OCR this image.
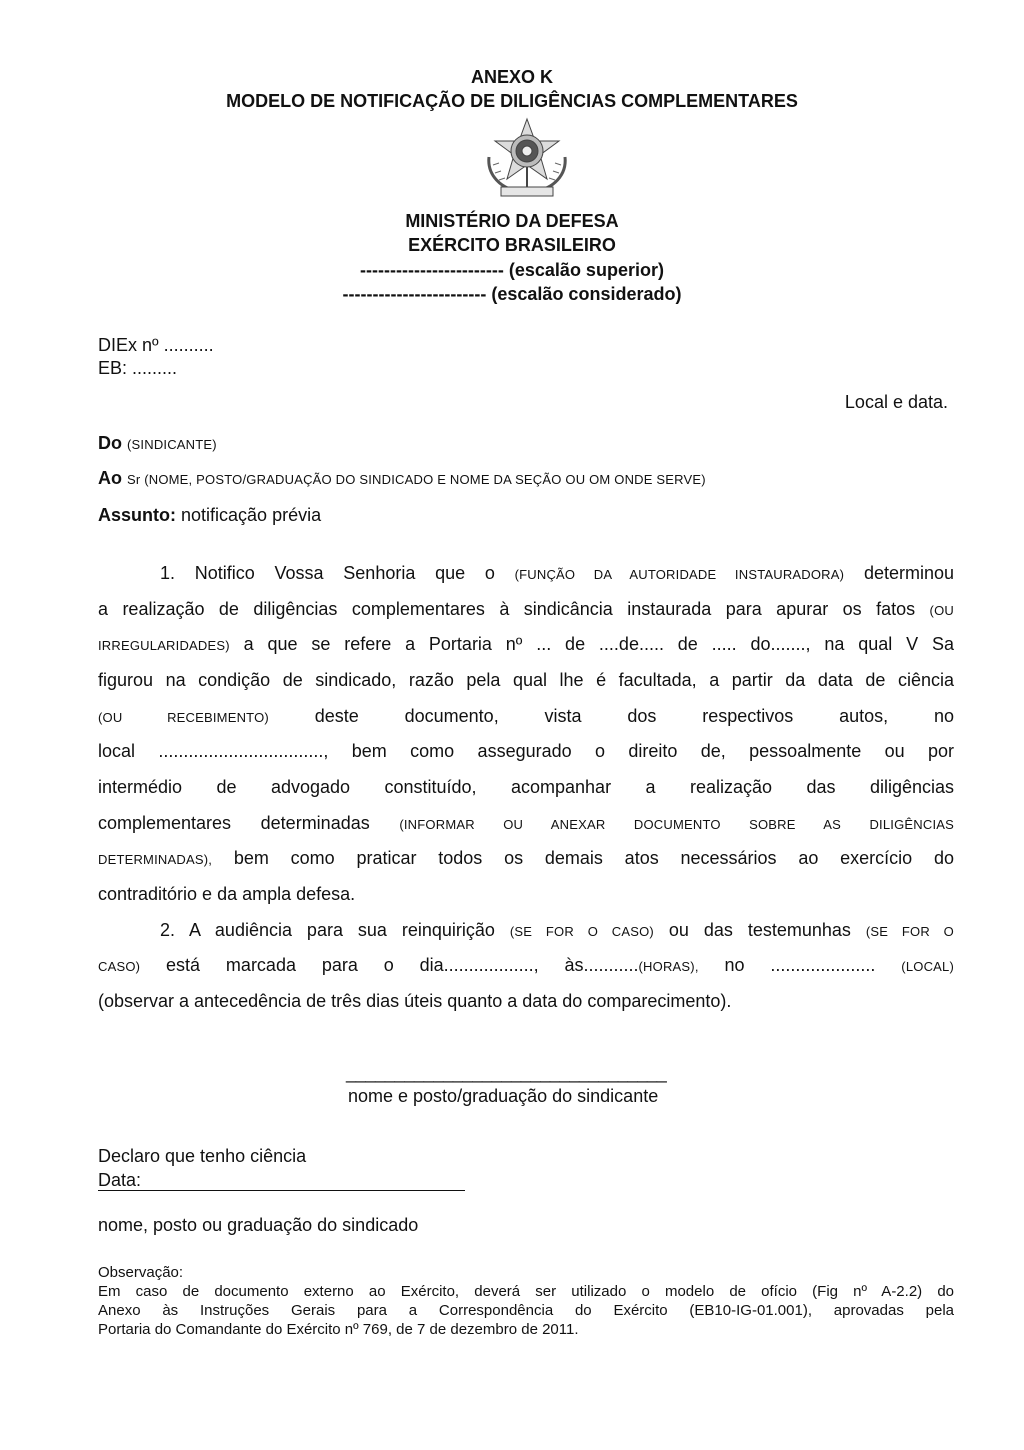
ANEXO K
MODELO DE NOTIFICAÇÃO DE DILIGÊNCIAS COMPLEMENTARES
MINISTÉRIO DA DEFESA
EXÉRCITO BRASILEIRO
------------------------ (escalão superior)
------------------------ (escalão considerado)
DIEx nº ..........
EB: .........
Local e data.
Do (SINDICANTE)
Ao Sr (NOME, POSTO/GRADUAÇÃO DO SINDICADO E NOME DA SEÇÃO OU OM ONDE SERVE)
Assunto: notificação prévia
1. Notifico Vossa Senhoria que o (FUNÇÃO DA AUTORIDADE INSTAURADORA) determinou
a realização de diligências complementares à sindicância instaurada para apurar os fatos (OU
IRREGULARIDADES) a que se refere a Portaria nº ... de ....de..... de ..... do......., na qual V Sa
figurou na condição de sindicado, razão pela qual lhe é facultada, a partir da data de ciência
(OU RECEBIMENTO)	deste documento, vista dos respectivos autos, no
local ................................., bem como assegurado o direito de, pessoalmente ou por
intermédio de advogado constituído, acompanhar a realização das diligências
complementares determinadas (INFORMAR OU ANEXAR DOCUMENTO SOBRE AS DILIGÊNCIAS
DETERMINADAS), bem como praticar todos os demais atos necessários ao exercício do
contraditório e da ampla defesa.
2. A audiência para sua reinquirição (SE FOR O CASO) ou das testemunhas (SE FOR O
CASO) está marcada para o dia.................., às...........(HORAS), no ..................... (LOCAL)
(observar a antecedência de três dias úteis quanto a data do comparecimento).
_________________________________
nome e posto/graduação do sindicante
Declaro que tenho ciência
Data:
nome, posto ou graduação do sindicado
Observação:
Em caso de documento externo ao Exército, deverá ser utilizado o modelo de ofício (Fig nº A-2.2) do
Anexo às Instruções Gerais para a Correspondência do Exército (EB10-IG-01.001), aprovadas pela
Portaria do Comandante do Exército nº 769, de 7 de dezembro de 2011.
